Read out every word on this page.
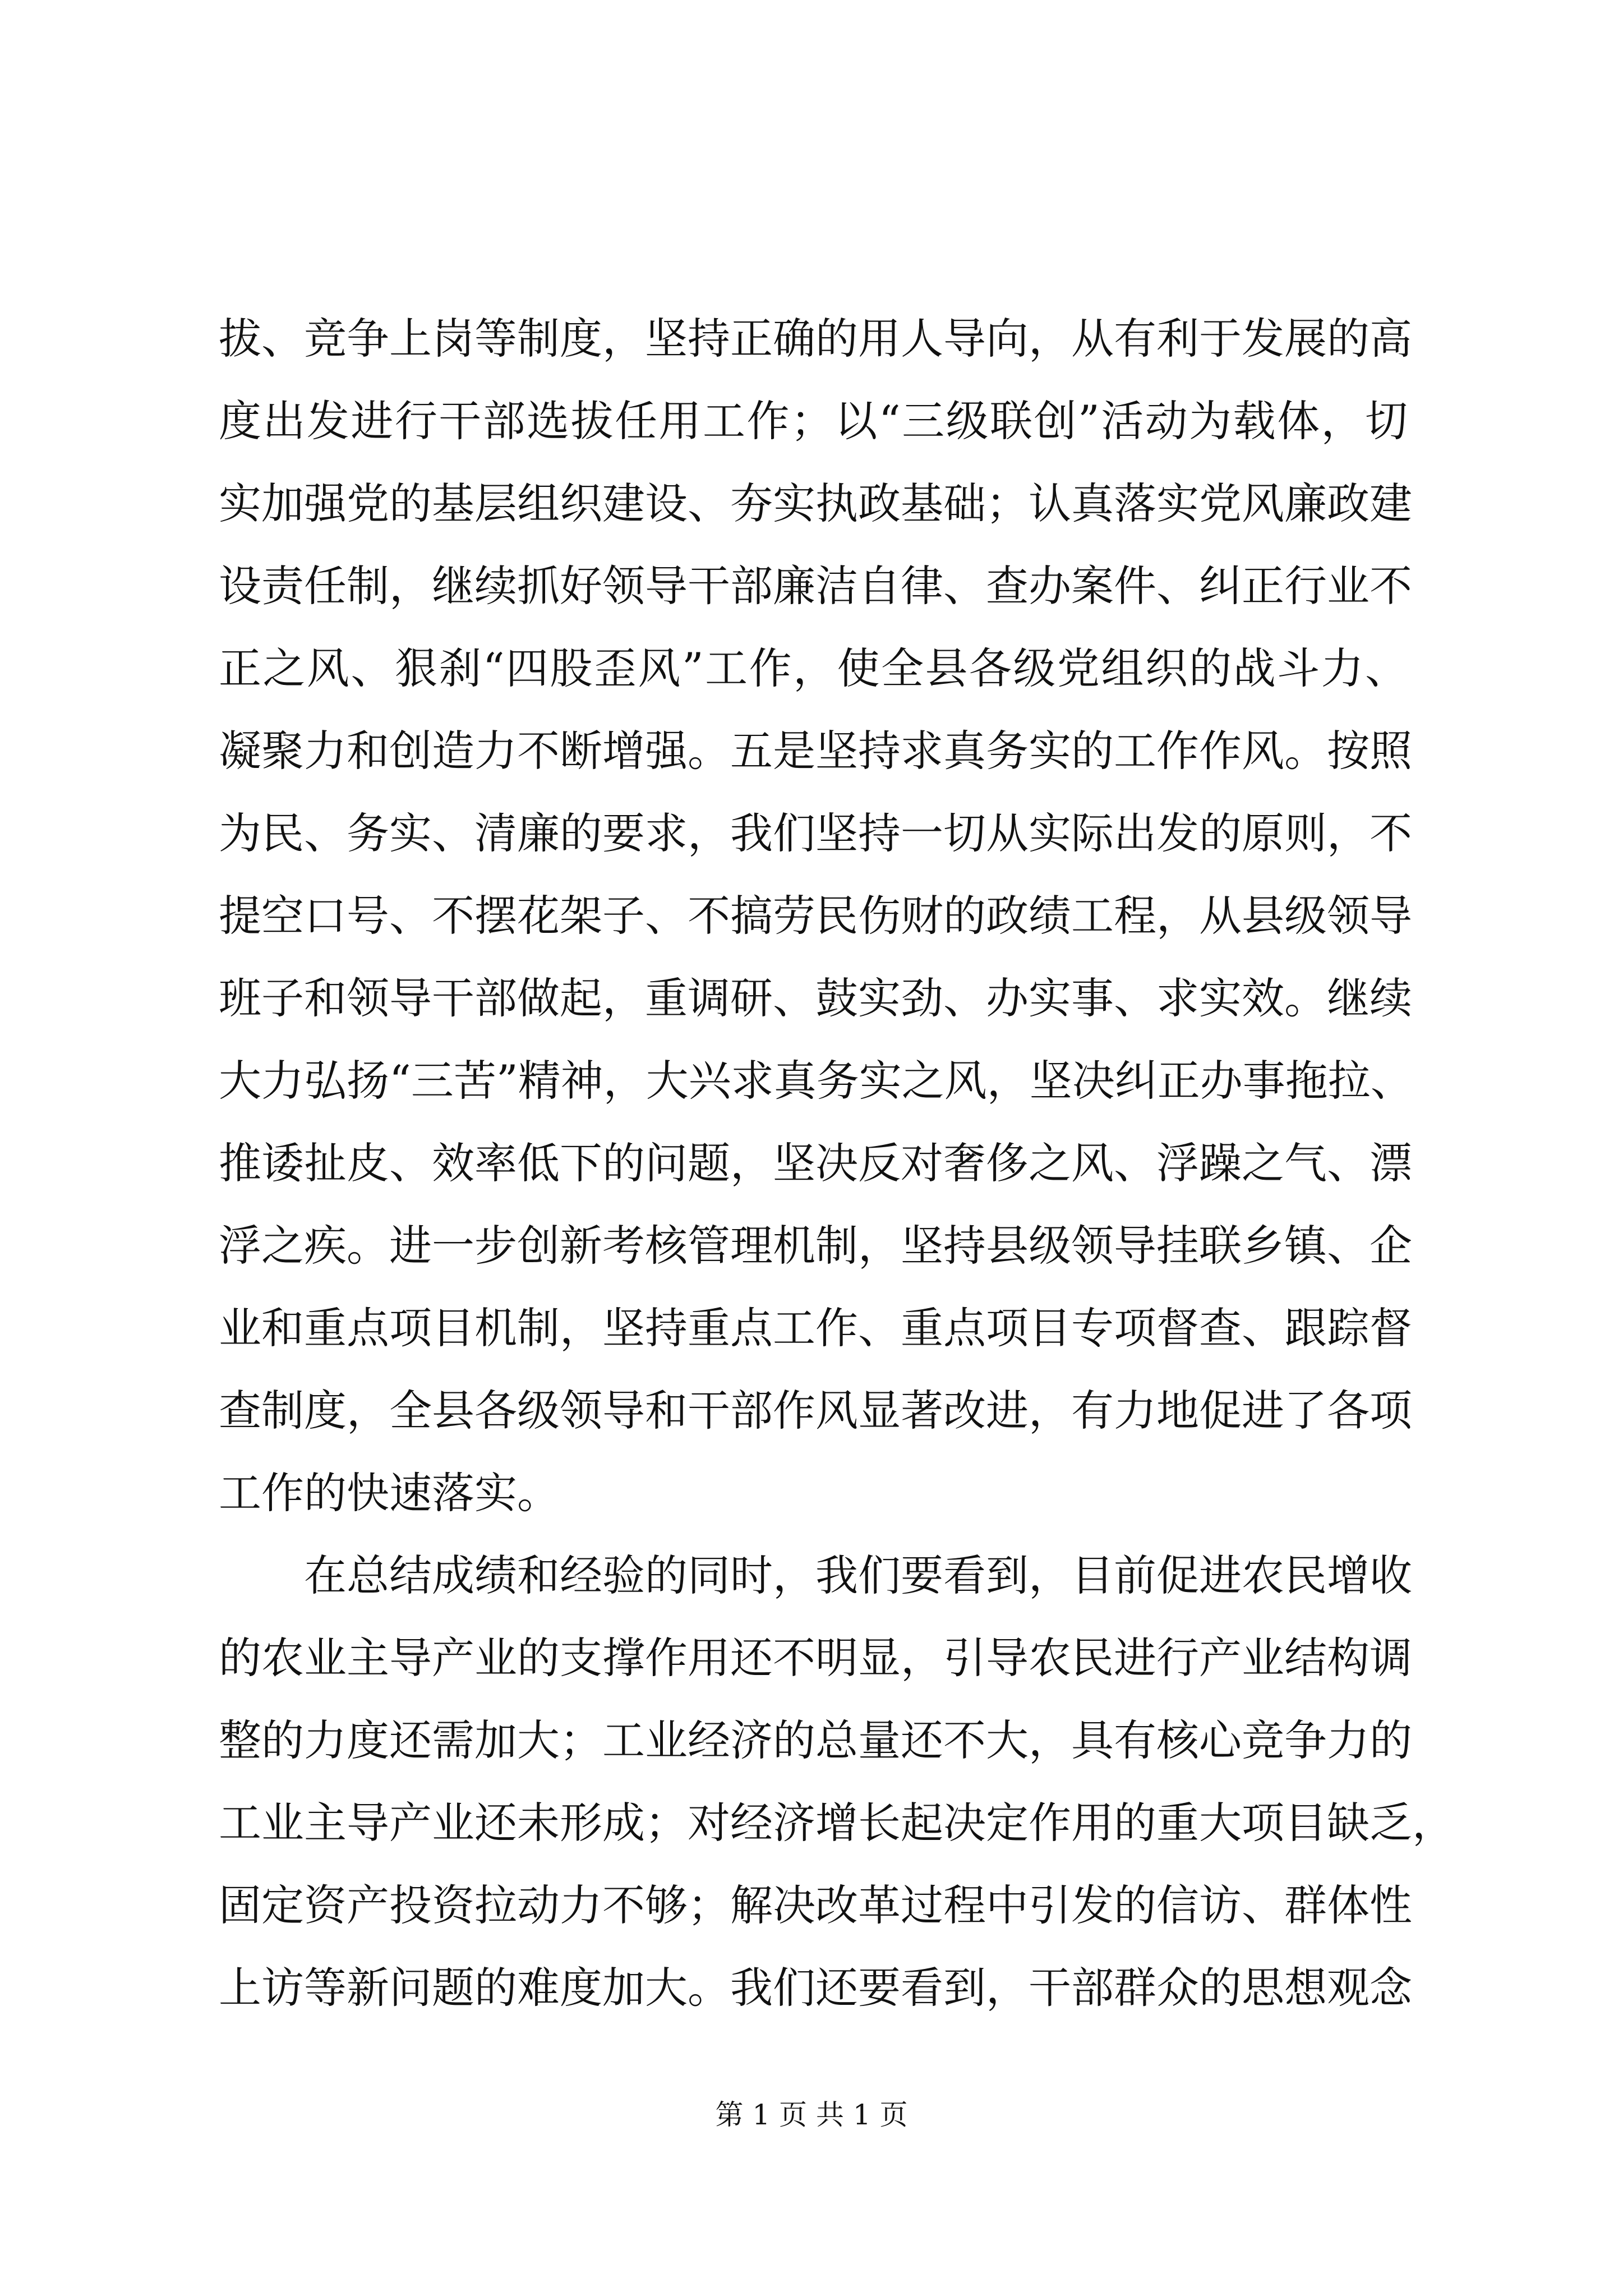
拔、竞争上岗等制度，坚持正确的用人导向，从有利于发展的高
度出发进行干部选拔任用工作；以“三级联创”活动为载体，切
实加强党的基层组织建设、夯实执政基础；认真落实党风廉政建
设责任制，继续抓好领导干部廉洁自律、查办案件、纠正行业不
正之风、狠刹“四股歪风”工作，使全县各级党组织的战斗力、
凝聚力和创造力不断增强。五是坚持求真务实的工作作风。按照
为民、务实、清廉的要求，我们坚持一切从实际出发的原则，不
提空口号、不摆花架子、不搞劳民伤财的政绩工程，从县级领导
班子和领导干部做起，重调研、鼓实劲、办实事、求实效。继续
大力弘扬“三苦”精神，大兴求真务实之风，坚决纠正办事拖拉、
推诿扯皮、效率低下的问题，坚决反对奢侈之风、浮躁之气、漂
浮之疾。进一步创新考核管理机制，坚持县级领导挂联乡镇、企
业和重点项目机制，坚持重点工作、重点项目专项督查、跟踪督
查制度，全县各级领导和干部作风显著改进，有力地促进了各项
工作的快速落实。
在总结成绩和经验的同时，我们要看到，目前促进农民增收
的农业主导产业的支撑作用还不明显，引导农民进行产业结构调
整的力度还需加大；工业经济的总量还不大，具有核心竞争力的
工业主导产业还未形成；对经济增长起决定作用的重大项目缺乏，
固定资产投资拉动力不够；解决改革过程中引发的信访、群体性
上访等新问题的难度加大。我们还要看到，干部群众的思想观念
第 1 页 共 1 页
